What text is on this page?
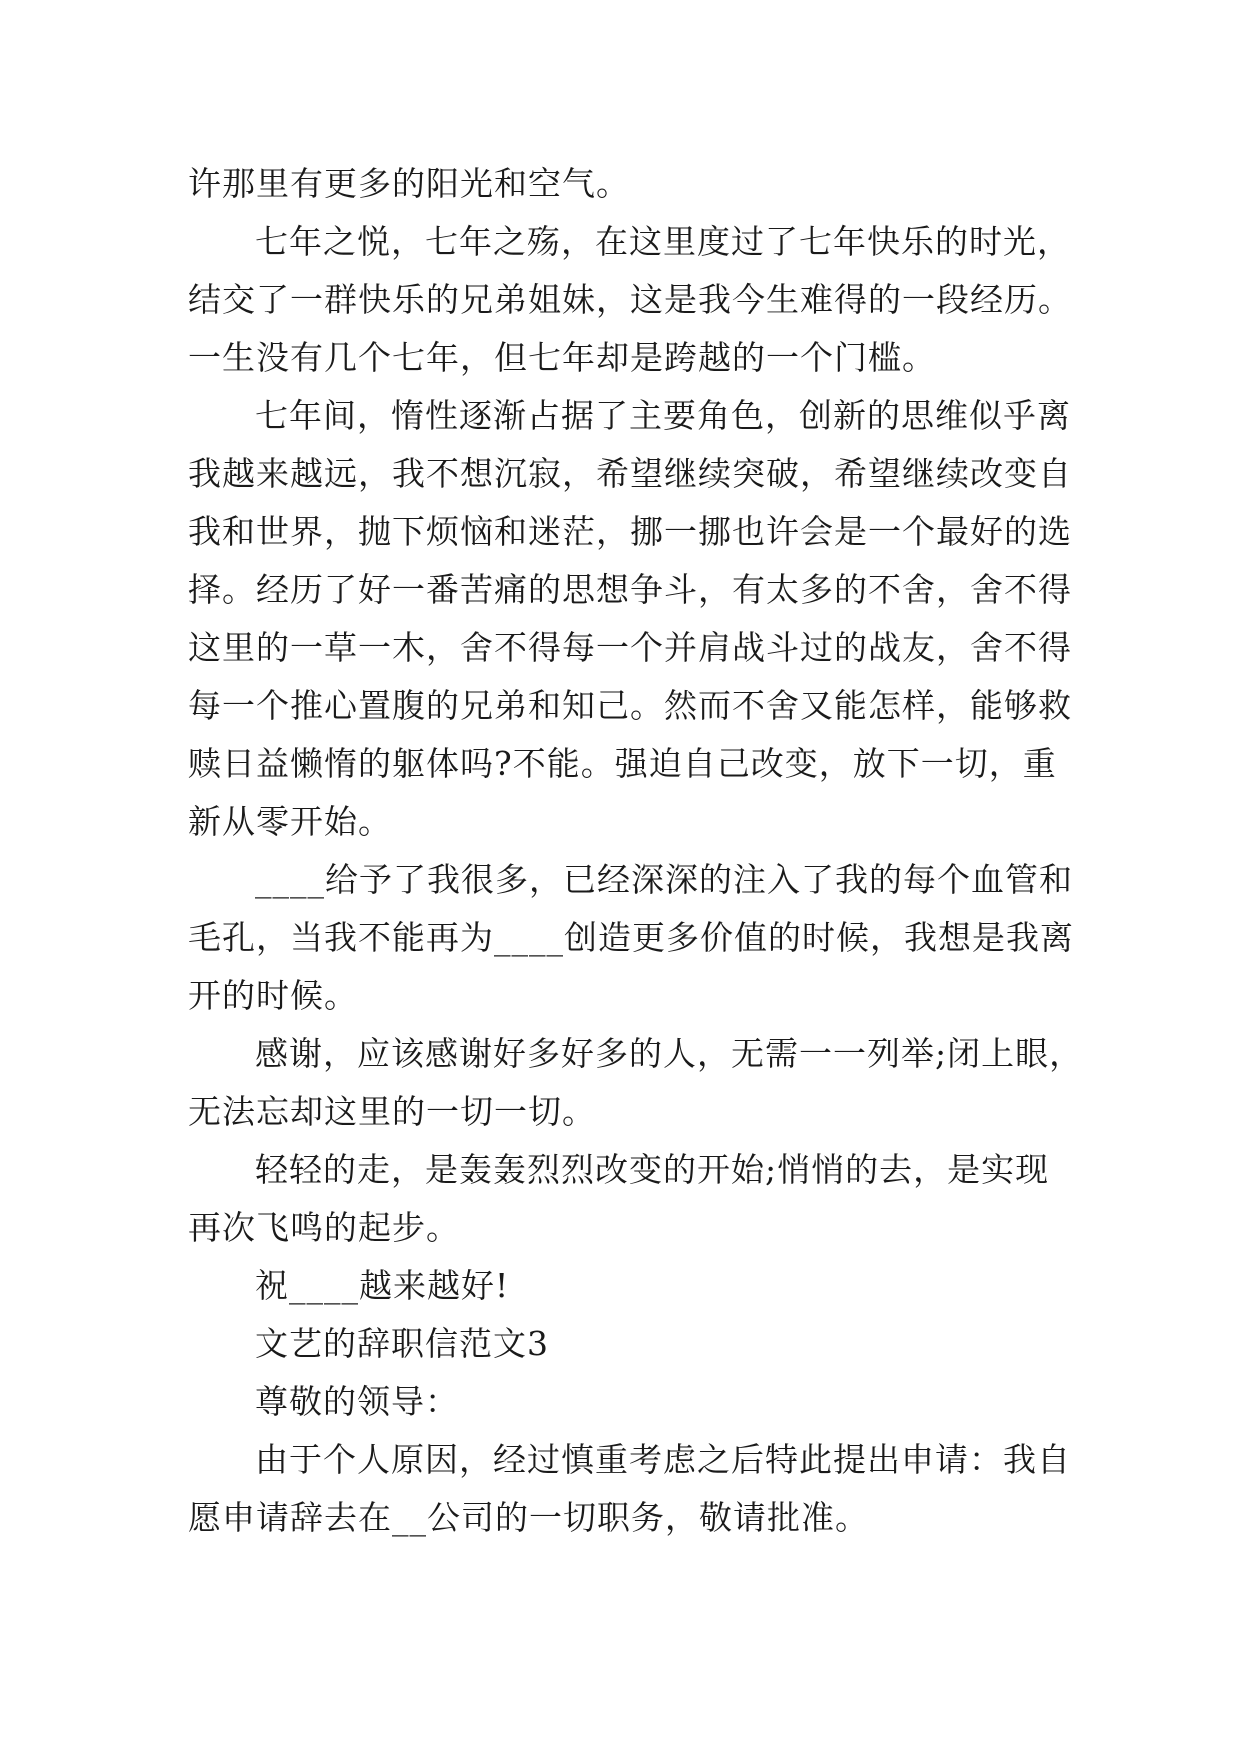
许那里有更多的阳光和空气。
七年之悦，七年之殇，在这里度过了七年快乐的时光，
结交了一群快乐的兄弟姐妹，这是我今生难得的一段经历。
一生没有几个七年，但七年却是跨越的一个门槛。
七年间，惰性逐渐占据了主要角色，创新的思维似乎离
我越来越远，我不想沉寂，希望继续突破，希望继续改变自
我和世界，抛下烦恼和迷茫，挪一挪也许会是一个最好的选
择。经历了好一番苦痛的思想争斗，有太多的不舍，舍不得
这里的一草一木，舍不得每一个并肩战斗过的战友，舍不得
每一个推心置腹的兄弟和知己。然而不舍又能怎样，能够救
赎日益懒惰的躯体吗?不能。强迫自己改变，放下一切，重
新从零开始。
____给予了我很多，已经深深的注入了我的每个血管和
毛孔，当我不能再为____创造更多价值的时候，我想是我离
开的时候。
感谢，应该感谢好多好多的人，无需一一列举;闭上眼，
无法忘却这里的一切一切。
轻轻的走，是轰轰烈烈改变的开始;悄悄的去，是实现
再次飞鸣的起步。
祝____越来越好!
文艺的辞职信范文3
尊敬的领导：
由于个人原因，经过慎重考虑之后特此提出申请：我自
愿申请辞去在__公司的一切职务，敬请批准。
